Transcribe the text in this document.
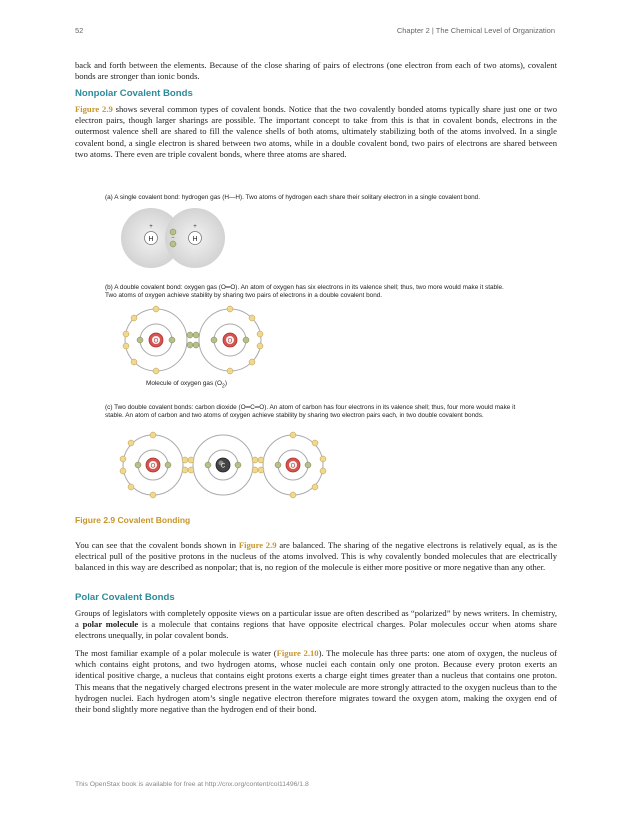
52	Chapter 2 | The Chemical Level of Organization
back and forth between the elements. Because of the close sharing of pairs of electrons (one electron from each of two atoms), covalent bonds are stronger than ionic bonds.
Nonpolar Covalent Bonds
Figure 2.9 shows several common types of covalent bonds. Notice that the two covalently bonded atoms typically share just one or two electron pairs, though larger sharings are possible. The important concept to take from this is that in covalent bonds, electrons in the outermost valence shell are shared to fill the valence shells of both atoms, ultimately stabilizing both of the atoms involved. In a single covalent bond, a single electron is shared between two atoms, while in a double covalent bond, two pairs of electrons are shared between two atoms. There even are triple covalent bonds, where three atoms are shared.
(a) A single covalent bond: hydrogen gas (H—H). Two atoms of hydrogen each share their solitary electron in a single covalent bond.
H	H
+	+
–
(b) A double covalent bond: oxygen gas (O═O). An atom of oxygen has six electrons in its valence shell; thus, two more would make it stable. Two atoms of oxygen achieve stability by sharing two pairs of electrons in a double covalent bond.
O	O
Molecule of oxygen gas $(O_2)$
(c) Two double covalent bonds: carbon dioxide (O═C═O). An atom of carbon has four electrons in its valence shell; thus, four more would make it stable. An atom of carbon and two atoms of oxygen achieve stability by sharing two electron pairs each, in two double covalent bonds.
O	C	O
Figure 2.9 Covalent Bonding
You can see that the covalent bonds shown in Figure 2.9 are balanced. The sharing of the negative electrons is relatively equal, as is the electrical pull of the positive protons in the nucleus of the atoms involved. This is why covalently bonded molecules that are electrically balanced in this way are described as nonpolar; that is, no region of the molecule is either more positive or more negative than any other.
Polar Covalent Bonds
Groups of legislators with completely opposite views on a particular issue are often described as “polarized” by news writers. In chemistry, a polar molecule is a molecule that contains regions that have opposite electrical charges. Polar molecules occur when atoms share electrons unequally, in polar covalent bonds.
The most familiar example of a polar molecule is water (Figure 2.10). The molecule has three parts: one atom of oxygen, the nucleus of which contains eight protons, and two hydrogen atoms, whose nuclei each contain only one proton. Because every proton exerts an identical positive charge, a nucleus that contains eight protons exerts a charge eight times greater than a nucleus that contains one proton. This means that the negatively charged electrons present in the water molecule are more strongly attracted to the oxygen nucleus than to the hydrogen nuclei. Each hydrogen atom’s single negative electron therefore migrates toward the oxygen atom, making the oxygen end of their bond slightly more negative than the hydrogen end of their bond.
This OpenStax book is available for free at http://cnx.org/content/col11496/1.8
